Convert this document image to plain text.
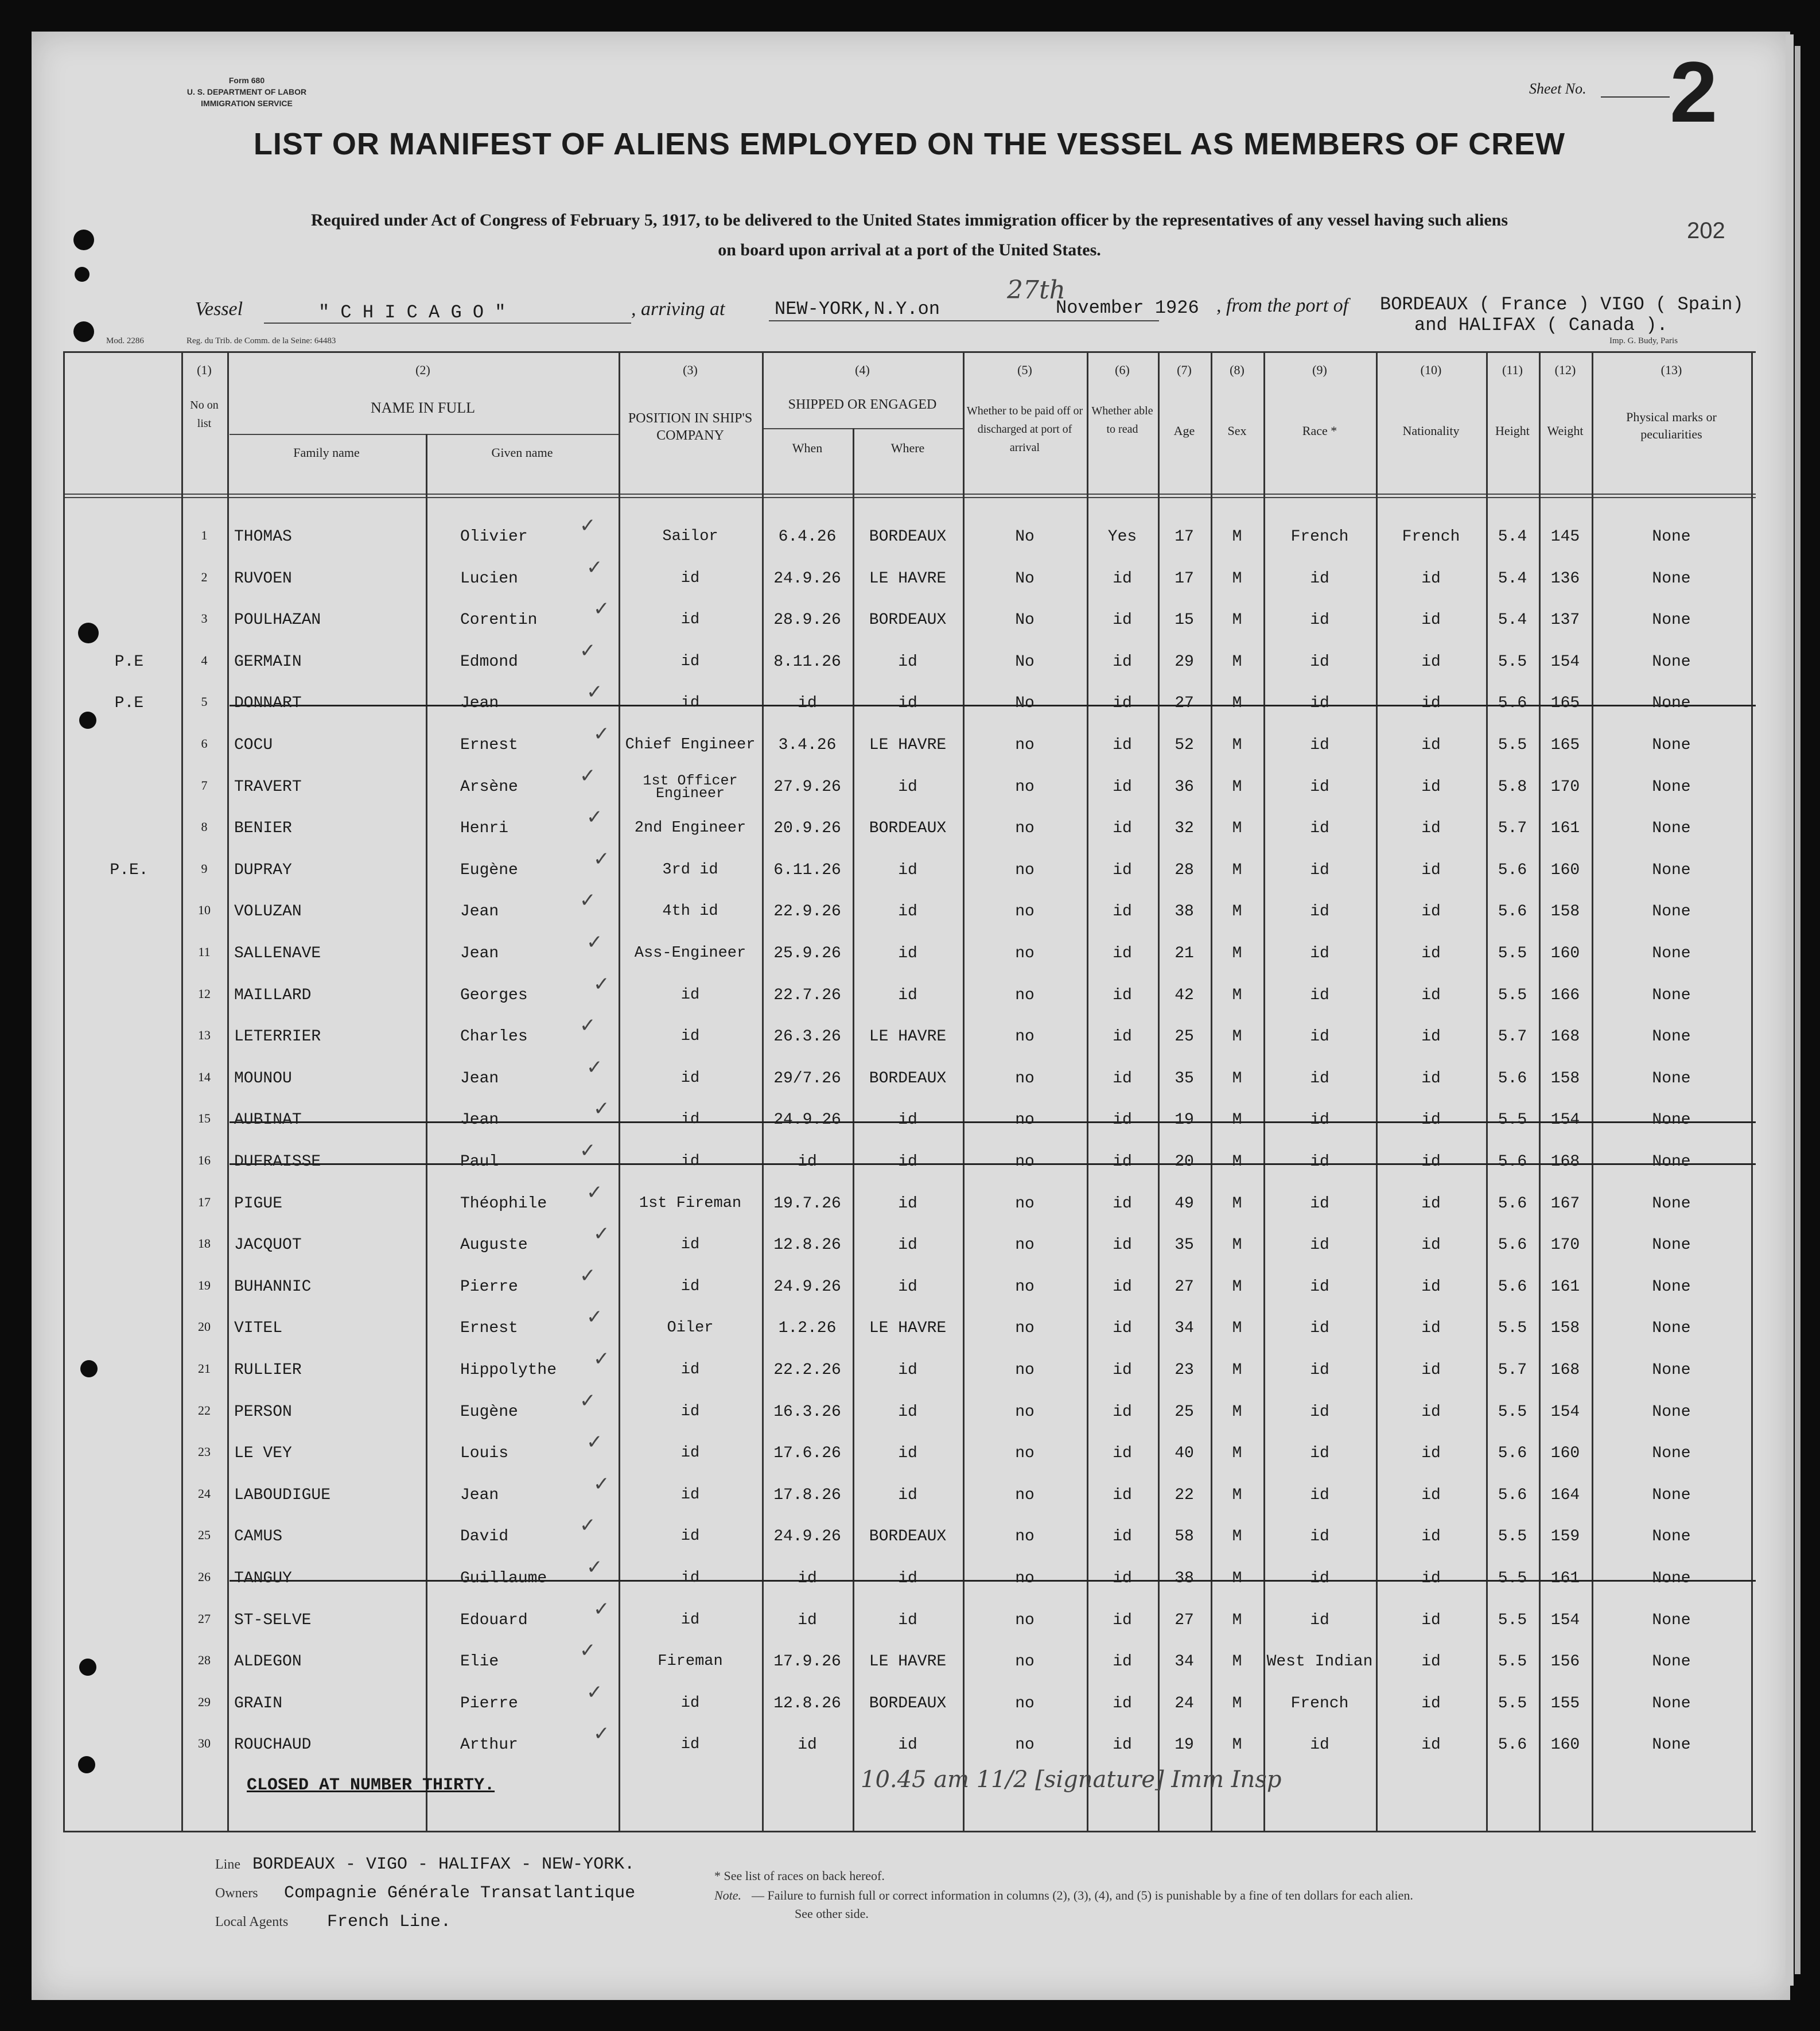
Form 680
U. S. DEPARTMENT OF LABOR
IMMIGRATION SERVICE
Sheet No. 2
LIST OR MANIFEST OF ALIENS EMPLOYED ON THE VESSEL AS MEMBERS OF CREW
Required under Act of Congress of February 5, 1917, to be delivered to the United States immigration officer by the representatives of any vessel having such aliens
on board upon arrival at a port of the United States.
202
Vessel	" C H I C A G O "	, arriving at	NEW-YORK,N.Y.on
27th
November 1926 , from the port of BORDEAUX ( France ) VIGO ( Spain)
and HALIFAX ( Canada ).
Mod. 2286	Reg. du Trib. de Comm. de la Seine: 64483	Imp. G. Budy, Paris
(1)
No on list
(2)
NAME IN FULL
Family name	Given name
(3)
POSITION IN SHIP'S COMPANY
(4)
SHIPPED OR ENGAGED
When	Where
(5)
Whether to be paid off or discharged at port of arrival
(6)
Whether able to read
(7)
Age
(8)
Sex
(9)
Race *
(10)
Nationality
(11)
Height
(12)
Weight
(13)
Physical marks or peculiarities
1	THOMAS	Olivier	Sailor	6.4.26	BORDEAUX	No	Yes	17	M	French	French	5.4	145	None
✓
2	RUVOEN	Lucien	id	24.9.26	LE HAVRE	No	id	17	M	id	id	5.4	136	None
✓
3	POULHAZAN	Corentin	id	28.9.26	BORDEAUX	No	id	15	M	id	id	5.4	137	None
✓
P.E	4	GERMAIN	Edmond	id	8.11.26	id	No	id	29	M	id	id	5.5	154	None
✓
P.E	5	DONNART	Jean	id	id	id	No	id	27	M	id	id	5.6	165	None
✓
6	COCU	Ernest	Chief Engineer	3.4.26	LE HAVRE	no	id	52	M	id	id	5.5	165	None
✓
7	TRAVERT	Arsène	1st Officer Engineer	27.9.26	id	no	id	36	M	id	id	5.8	170	None
✓
8	BENIER	Henri	2nd Engineer	20.9.26	BORDEAUX	no	id	32	M	id	id	5.7	161	None
✓
P.E.	9	DUPRAY	Eugène	3rd id	6.11.26	id	no	id	28	M	id	id	5.6	160	None
✓
10	VOLUZAN	Jean	4th id	22.9.26	id	no	id	38	M	id	id	5.6	158	None
✓
11	SALLENAVE	Jean	Ass-Engineer	25.9.26	id	no	id	21	M	id	id	5.5	160	None
✓
12	MAILLARD	Georges	id	22.7.26	id	no	id	42	M	id	id	5.5	166	None
✓
13	LETERRIER	Charles	id	26.3.26	LE HAVRE	no	id	25	M	id	id	5.7	168	None
✓
14	MOUNOU	Jean	id	29/7.26	BORDEAUX	no	id	35	M	id	id	5.6	158	None
✓
15	AUBINAT	Jean	id	24.9.26	id	no	id	19	M	id	id	5.5	154	None
✓
16	DUFRAISSE	Paul	id	id	id	no	id	20	M	id	id	5.6	168	None
✓
17	PIGUE	Théophile	1st Fireman	19.7.26	id	no	id	49	M	id	id	5.6	167	None
✓
18	JACQUOT	Auguste	id	12.8.26	id	no	id	35	M	id	id	5.6	170	None
✓
19	BUHANNIC	Pierre	id	24.9.26	id	no	id	27	M	id	id	5.6	161	None
✓
20	VITEL	Ernest	Oiler	1.2.26	LE HAVRE	no	id	34	M	id	id	5.5	158	None
✓
21	RULLIER	Hippolythe	id	22.2.26	id	no	id	23	M	id	id	5.7	168	None
✓
22	PERSON	Eugène	id	16.3.26	id	no	id	25	M	id	id	5.5	154	None
✓
23	LE VEY	Louis	id	17.6.26	id	no	id	40	M	id	id	5.6	160	None
✓
24	LABOUDIGUE	Jean	id	17.8.26	id	no	id	22	M	id	id	5.6	164	None
✓
25	CAMUS	David	id	24.9.26	BORDEAUX	no	id	58	M	id	id	5.5	159	None
✓
26	TANGUY	Guillaume	id	id	id	no	id	38	M	id	id	5.5	161	None
✓
27	ST-SELVE	Edouard	id	id	id	no	id	27	M	id	id	5.5	154	None
✓
28	ALDEGON	Elie	Fireman	17.9.26	LE HAVRE	no	id	34	M	West Indian	id	5.5	156	None
✓
29	GRAIN	Pierre	id	12.8.26	BORDEAUX	no	id	24	M	French	id	5.5	155	None
✓
30	ROUCHAUD	Arthur	id	id	id	no	id	19	M	id	id	5.6	160	None
✓
CLOSED AT NUMBER THIRTY.	10.45 am 11/2 [signature] Imm Insp
Line BORDEAUX - VIGO - HALIFAX - NEW-YORK.
Owners Compagnie Générale Transatlantique
Local Agents French Line.
* See list of races on back hereof.
Note. — Failure to furnish full or correct information in columns (2), (3), (4), and (5) is punishable by a fine of ten dollars for each alien.
See other side.
